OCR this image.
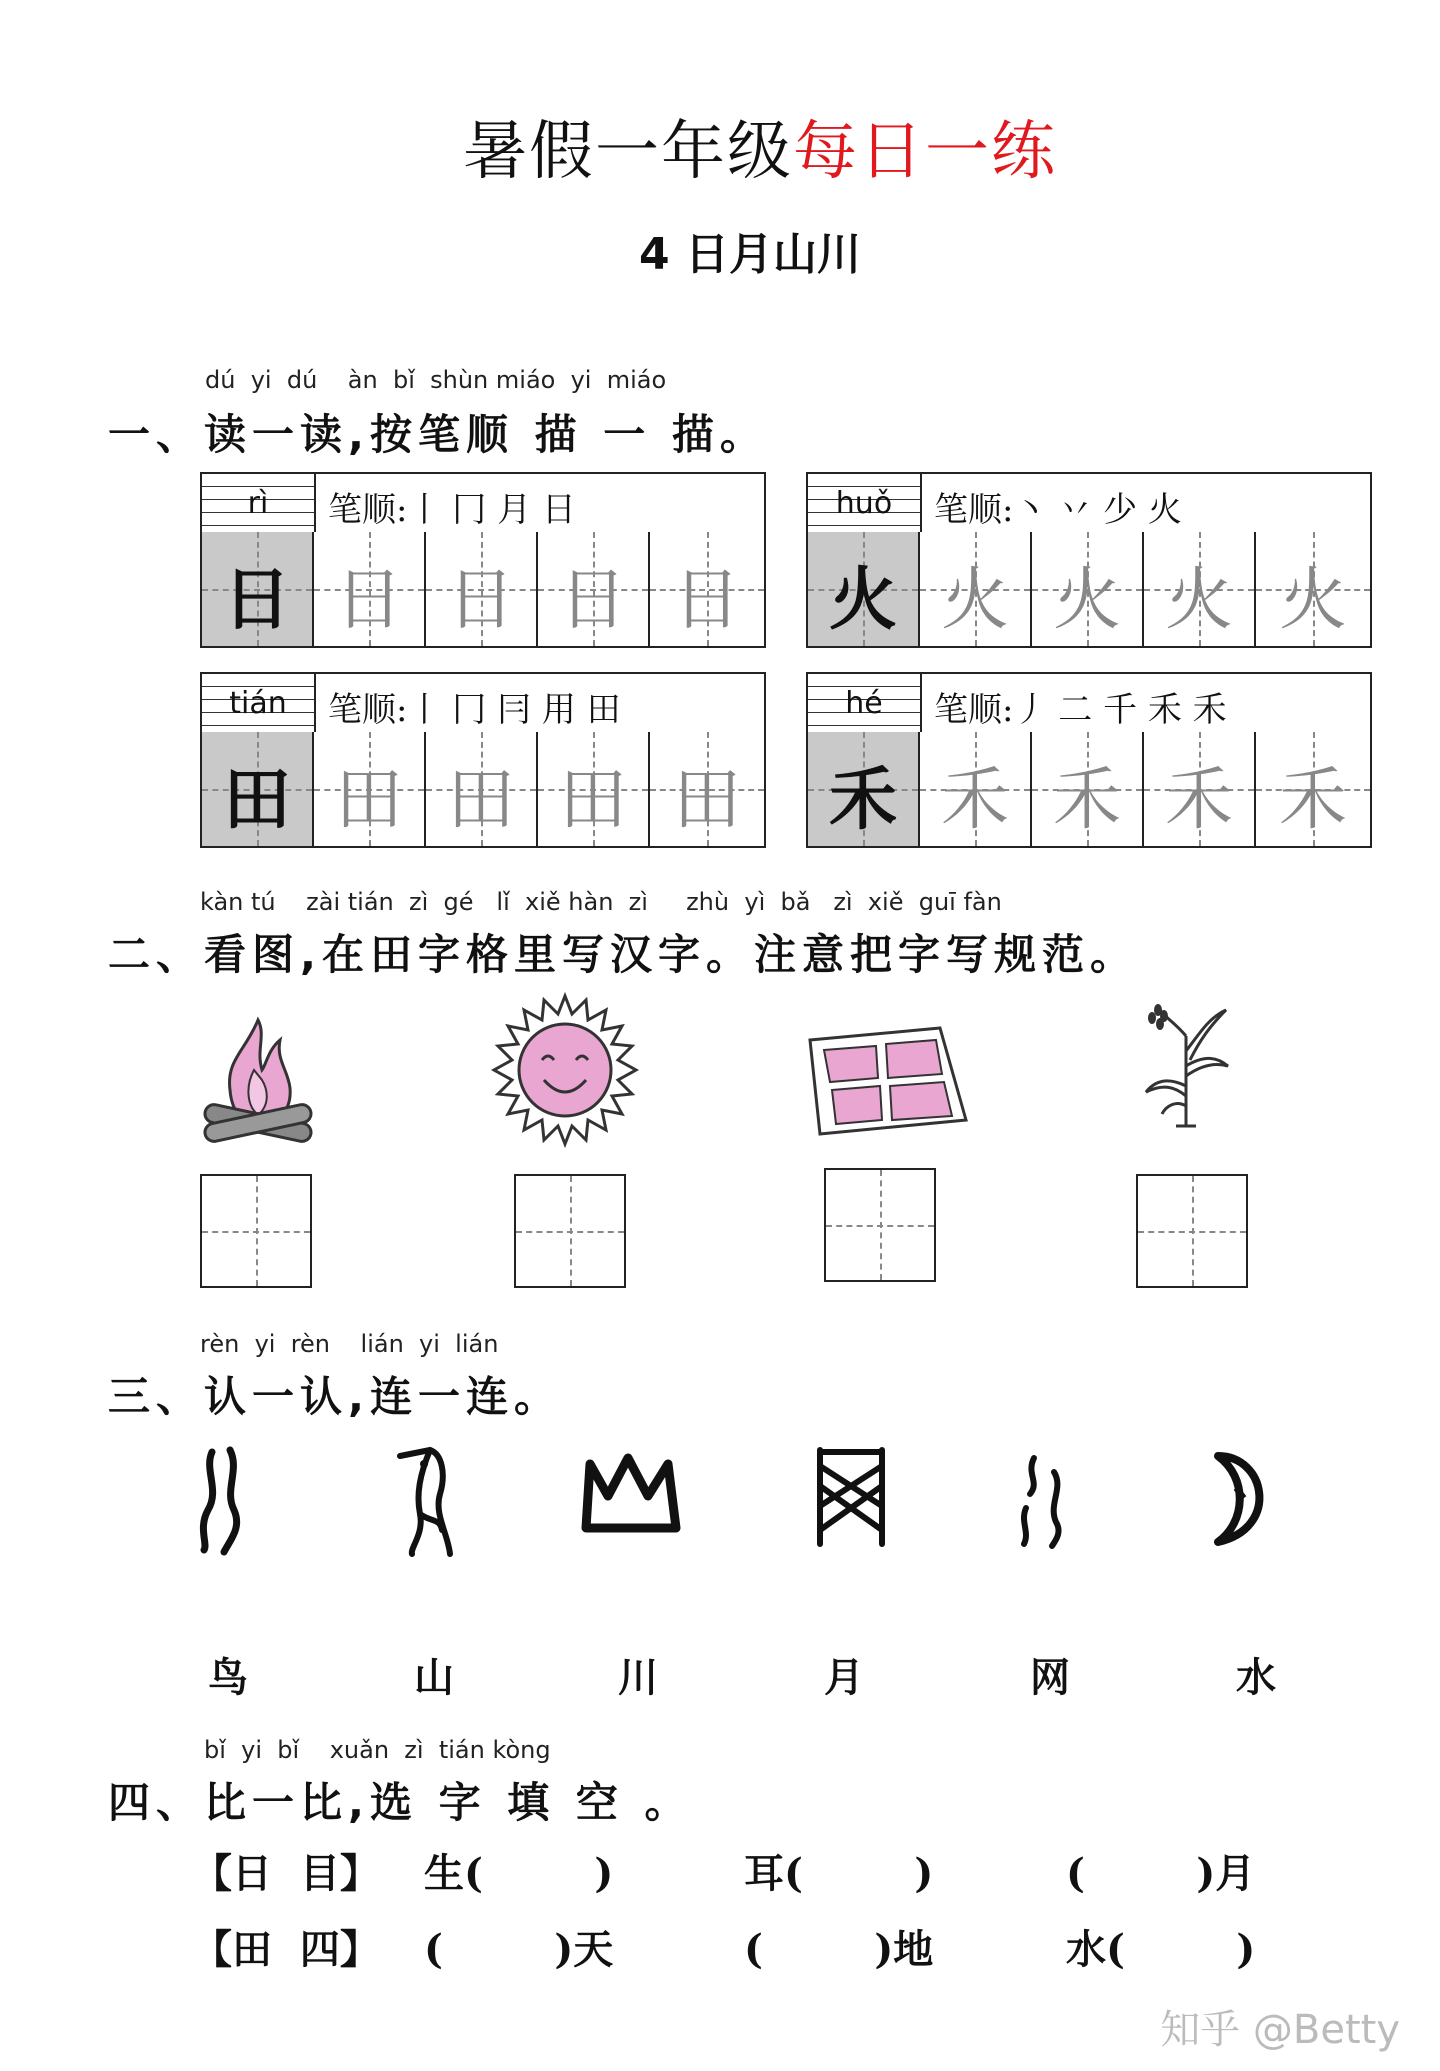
暑假一年级每日一练
4 日月山川
dú  yi  dú    àn  bǐ  shùn miáo  yi  miáo
一、读一读,按笔顺 描 一 描。
rì	笔顺:丨 冂 月 日
日 日 日 日 日
huǒ	笔顺:丶 丷 少 火
火 火 火 火 火
tián	笔顺:丨 冂 冃 用 田
田 田 田 田 田
hé	笔顺:丿 二 千 禾 禾
禾 禾 禾 禾 禾
kàn tú    zài tián  zì  gé   lǐ  xiě hàn  zì     zhù  yì  bǎ   zì  xiě  guī fàn
二、看图,在田字格里写汉字。注意把字写规范。
rèn  yi  rèn    lián  yi  lián
三、认一认,连一连。
鸟	山	川	月	网	水
bǐ  yi  bǐ    xuǎn  zì  tián kòng
四、比一比,选 字 填 空 。
【日  目】 生(        )	耳(        )	(        )月
【田  四】 (        )天	(        )地	水(        )
知乎 @Betty
